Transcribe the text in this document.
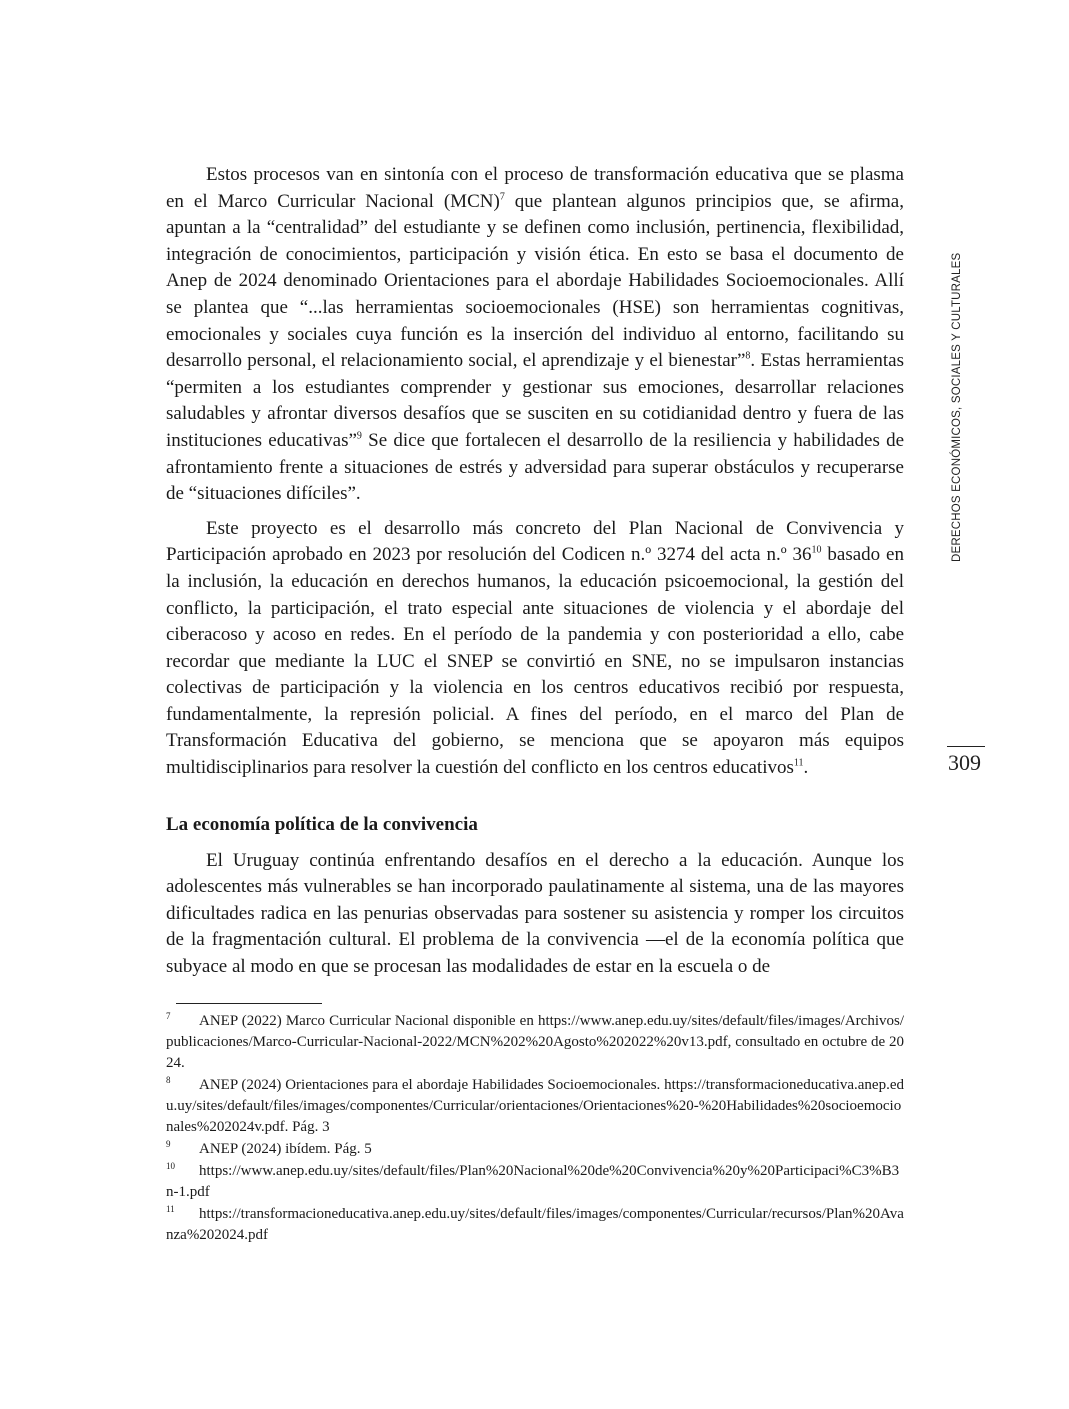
DERECHOS ECONÓMICOS, SOCIALES Y CULTURALES
309

Estos procesos van en sintonía con el proceso de transformación educativa que se plasma en el Marco Curricular Nacional (MCN)$^7$ que plantean algunos principios que, se afirma, apuntan a la “centralidad” del estudiante y se definen como inclusión, pertinencia, flexibilidad, integración de conocimientos, participación y visión ética. En esto se basa el documento de Anep de 2024 denominado Orientaciones para el abordaje Habilidades Socioemocionales. Allí se plantea que “...las herramientas socioemocionales (HSE) son herramientas cognitivas, emocionales y sociales cuya función es la inserción del individuo al entorno, facilitando su desarrollo personal, el relacionamiento social, el aprendizaje y el bienestar”$^8$. Estas herramientas “permiten a los estudiantes comprender y gestionar sus emociones, desarrollar relaciones saludables y afrontar diversos desafíos que se susciten en su cotidianidad dentro y fuera de las instituciones educativas”$^9$ Se dice que fortalecen el desarrollo de la resiliencia y habilidades de afrontamiento frente a situaciones de estrés y adversidad para superar obstáculos y recuperarse de “situaciones difíciles”.

Este proyecto es el desarrollo más concreto del Plan Nacional de Convivencia y Participación aprobado en 2023 por resolución del Codicen n.º 3274 del acta n.º $36^{10}$ basado en la inclusión, la educación en derechos humanos, la educación psicoemocional, la gestión del conflicto, la participación, el trato especial ante situaciones de violencia y el abordaje del ciberacoso y acoso en redes. En el período de la pandemia y con posterioridad a ello, cabe recordar que mediante la LUC el SNEP se convirtió en SNE, no se impulsaron instancias colectivas de participación y la violencia en los centros educativos recibió por respuesta, fundamentalmente, la represión policial. A fines del período, en el marco del Plan de Transformación Educativa del gobierno, se menciona que se apoyaron más equipos multidisciplinarios para resolver la cuestión del conflicto en los centros educativos$^{11}$.

La economía política de la convivencia

El Uruguay continúa enfrentando desafíos en el derecho a la educación. Aunque los adolescentes más vulnerables se han incorporado paulatinamente al sistema, una de las mayores dificultades radica en las penurias observadas para sostener su asistencia y romper los circuitos de la fragmentación cultural. El problema de la convivencia —el de la economía política que subyace al modo en que se procesan las modalidades de estar en la escuela o de

7 ANEP (2022) Marco Curricular Nacional disponible en https://www.anep.edu.uy/sites/default/files/images/Archivos/publicaciones/Marco-Curricular-Nacional-2022/MCN%202%20Agosto%202022%20v13.pdf, consultado en octubre de 2024.
8 ANEP (2024) Orientaciones para el abordaje Habilidades Socioemocionales. https://transformacioneducativa.anep.edu.uy/sites/default/files/images/componentes/Curricular/orientaciones/Orientaciones%20-%20Habilidades%20socioemocionales%202024v.pdf. Pág. 3
9 ANEP (2024) ibídem. Pág. 5
10 https://www.anep.edu.uy/sites/default/files/Plan%20Nacional%20de%20Convivencia%20y%20Participaci%C3%B3n-1.pdf
11 https://transformacioneducativa.anep.edu.uy/sites/default/files/images/componentes/Curricular/recursos/Plan%20Avanza%202024.pdf
